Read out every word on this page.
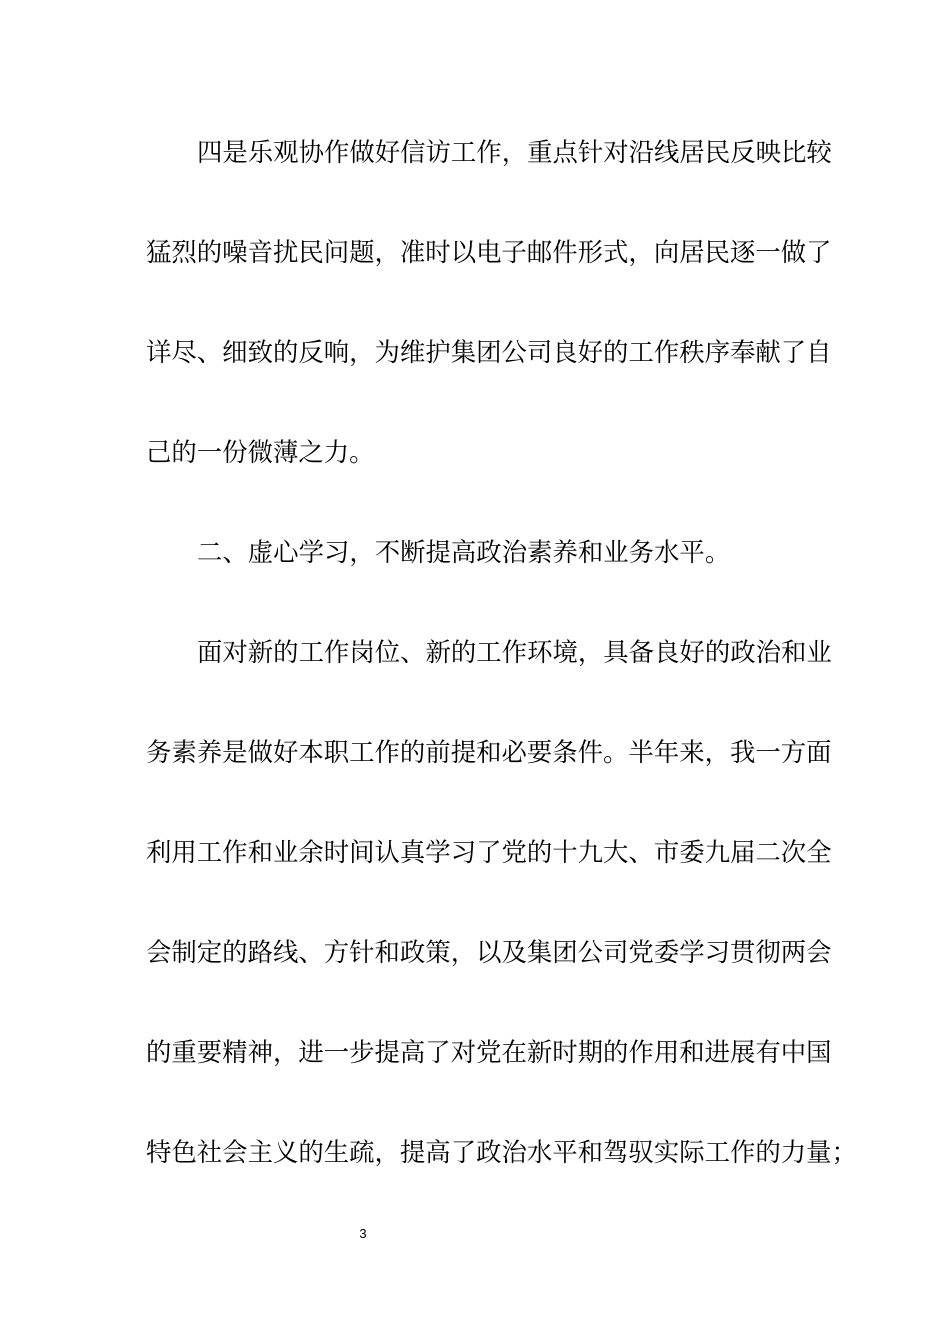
四是乐观协作做好信访工作，重点针对沿线居民反映比较
猛烈的噪音扰民问题，准时以电子邮件形式，向居民逐一做了
详尽、细致的反响，为维护集团公司良好的工作秩序奉献了自
己的一份微薄之力。
二、虚心学习，不断提高政治素养和业务水平。
面对新的工作岗位、新的工作环境，具备良好的政治和业
务素养是做好本职工作的前提和必要条件。半年来，我一方面
利用工作和业余时间认真学习了党的十九大、市委九届二次全
会制定的路线、方针和政策，以及集团公司党委学习贯彻两会
的重要精神，进一步提高了对党在新时期的作用和进展有中国
特色社会主义的生疏，提高了政治水平和驾驭实际工作的力量；
3
